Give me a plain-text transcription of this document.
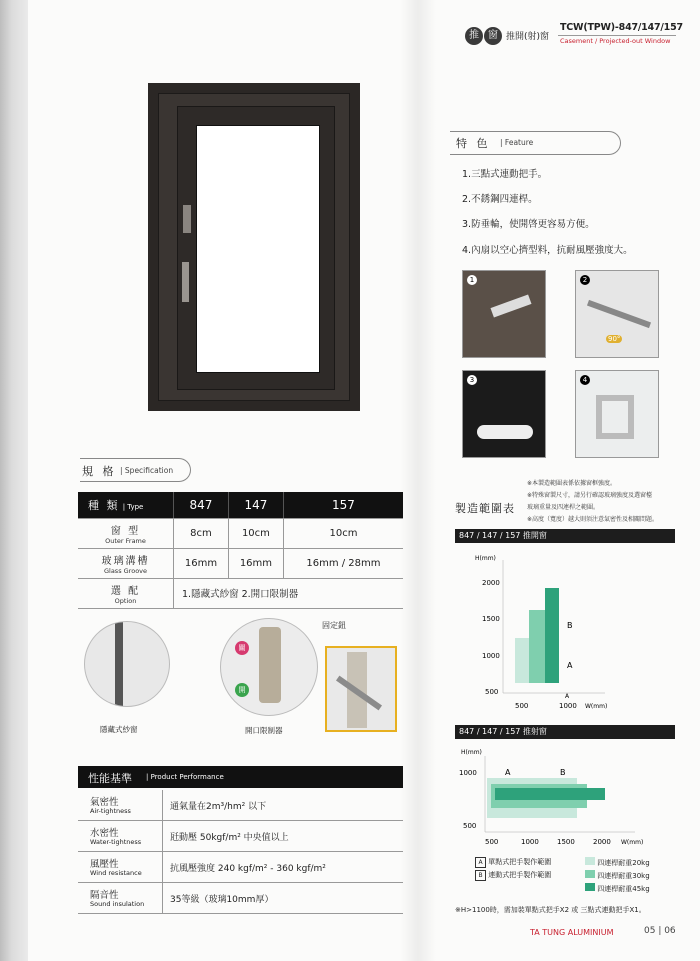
推 窗 推開(射)窗
TCW(TPW)-847/147/157
Casement / Projected-out Window
特 色 | Feature
1.三點式連動把手。
2.不銹鋼四連桿。
3.防垂輪，使開啓更容易方便。
4.內扇以空心擠型料，抗耐風壓強度大。
1	2
90°
3	4
規 格 | Specification
種 類 | Type	847	147	157

窗 型
Outer Frame	8cm	10cm	10cm

玻璃溝槽
Glass Groove	16mm	16mm	16mm / 28mm

選 配
Option	1.隱藏式紗窗 2.開口限制器		
隱藏式紗窗
關
開
開口限制器
固定鈕
性能基準 | Product Performance
氣密性
Air-tightness	通氣量在2m³/hm² 以下
水密性
Water-tightness	瓩動壓 50kgf/m² 中央值以上
風壓性
Wind resistance	抗風壓強度 240 kgf/m² - 360 kgf/m²
隔音性
Sound insulation	35等級（玻璃10mm厚）
製造範圍表
※本製造範圍表係依據窗框強度。
※特殊窗製尺寸，請另行確認玻璃強度及選窗檯
玻璃重量及四連桿之範圍。
※高度（寬度）越大則須注意氣密性及相關問題。
847 / 147 / 157 推開窗
H(mm)
A
B
A
500	1000 W(mm)
2000
1500
1000
500
847 / 147 / 157 推射窗
H(mm)
A	B
1000
500
500	1000	1500	2000 W(mm)
A 單點式把手製作範圍
B 連動式把手製作範圍
四連桿耐重20kg
四連桿耐重30kg
四連桿耐重45kg
※H>1100時，需加裝單點式把手X2 或 三點式連動把手X1。
TA TUNG ALUMINIUM	05 | 06
